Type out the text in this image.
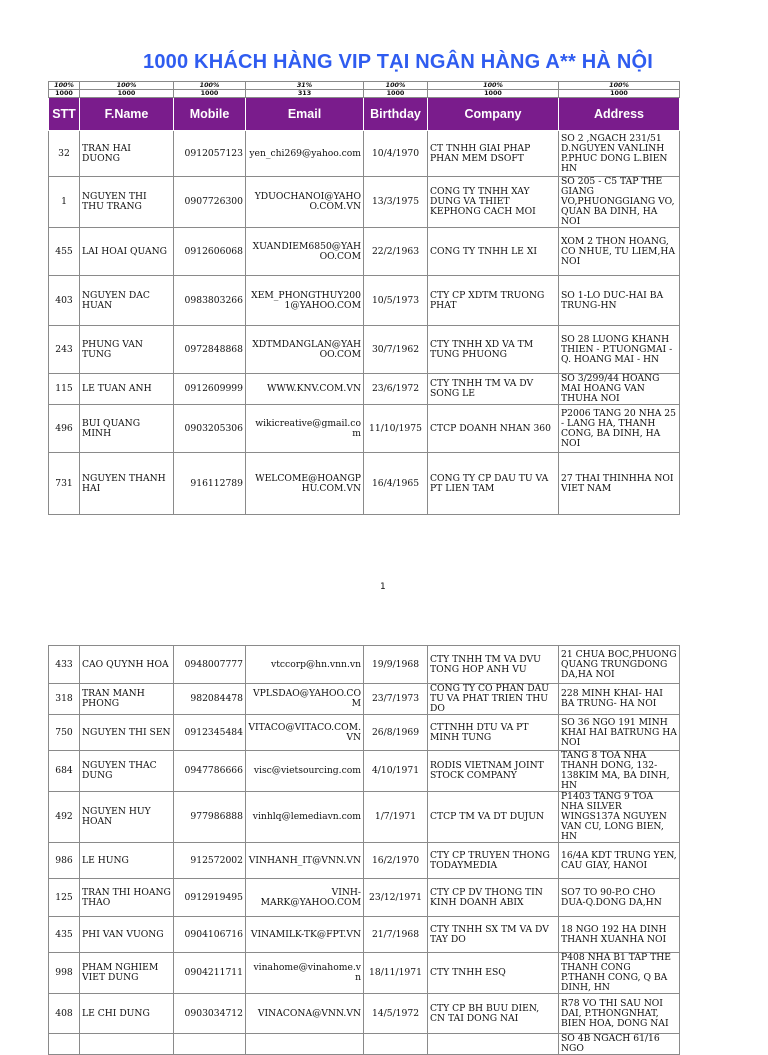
1000 KHÁCH HÀNG VIP TẠI NGÂN HÀNG A** HÀ NỘI
100%	100%	100%	31%	100%	100%	100%
1000	1000	1000	313	1000	1000	1000
STT	F.Name	Mobile	Email	Birthday	Company	Address
32	TRAN HAI DUONG	0912057123	yen_chi269@yahoo.com	10/4/1970	CT TNHH GIAI PHAP PHAN MEM DSOFT	SO 2 ,NGACH 231/51 D.NGUYEN VANLINH P.PHUC DONG L.BIEN HN
1	NGUYEN THI THU TRANG	0907726300	YDUOCHANOI@YAHOO.COM.VN	13/3/1975	CONG TY TNHH XAY DUNG VA THIET KEPHONG CACH MOI	SO 205 - C5 TAP THE GIANG VO,PHUONGGIANG VO, QUAN BA DINH, HA NOI
455	LAI HOAI QUANG	0912606068	XUANDIEM6850@YAHOO.COM	22/2/1963	CONG TY TNHH LE XI	XOM 2 THON HOANG, CO NHUE, TU LIEM,HA NOI
403	NGUYEN DAC HUAN	0983803266	XEM_PHONGTHUY2001@YAHOO.COM	10/5/1973	CTY CP XDTM TRUONG PHAT	SO 1-LO DUC-HAI BA TRUNG-HN
243	PHUNG VAN TUNG	0972848868	XDTMDANGLAN@YAHOO.COM	30/7/1962	CTY TNHH XD VA TM TUNG PHUONG	SO 28 LUONG KHANH THIEN - P.TUONGMAI - Q. HOANG MAI - HN
115	LE TUAN ANH	0912609999	WWW.KNV.COM.VN	23/6/1972	CTY TNHH TM VA DV SONG LE	SO 3/299/44 HOANG MAI HOANG VAN THUHA NOI
496	BUI QUANG MINH	0903205306	wikicreative@gmail.com	11/10/1975	CTCP DOANH NHAN 360	P2006 TANG 20 NHA 25 - LANG HA, THANH CONG, BA DINH, HA NOI
731	NGUYEN THANH HAI	916112789	WELCOME@HOANGPHU.COM.VN	16/4/1965	CONG TY CP DAU TU VA PT LIEN TAM	27 THAI THINHHA NOI VIET NAM
1
433	CAO QUYNH HOA	0948007777	vtccorp@hn.vnn.vn	19/9/1968	CTY TNHH TM VA DVU TONG HOP ANH VU	21 CHUA BOC,PHUONG QUANG TRUNGDONG DA,HA NOI
318	TRAN MANH PHONG	982084478	VPLSDAO@YAHOO.COM	23/7/1973	CONG TY CO PHAN DAU TU VA PHAT TRIEN THU DO	228 MINH KHAI- HAI BA TRUNG- HA NOI
750	NGUYEN THI SEN	0912345484	VITACO@VITACO.COM.VN	26/8/1969	CTTNHH DTU VA PT MINH TUNG	SO 36 NGO 191 MINH KHAI HAI BATRUNG HA NOI
684	NGUYEN THAC DUNG	0947786666	visc@vietsourcing.com	4/10/1971	RODIS VIETNAM JOINT STOCK COMPANY	TANG 8 TOA NHA THANH DONG, 132-138KIM MA, BA DINH, HN
492	NGUYEN HUY HOAN	977986888	vinhlq@lemediavn.com	1/7/1971	CTCP TM VA DT DUJUN	P1403 TANG 9 TOA NHA SILVER WINGS137A NGUYEN VAN CU, LONG BIEN, HN
986	LE HUNG	912572002	VINHANH_IT@VNN.VN	16/2/1970	CTY CP TRUYEN THONG TODAYMEDIA	16/4A KDT TRUNG YEN, CAU GIAY, HANOI
125	TRAN THI HOANG THAO	0912919495	VINH-MARK@YAHOO.COM	23/12/1971	CTY CP DV THONG TIN KINH DOANH ABIX	SO7 TO 90-P.O CHO DUA-Q.DONG DA,HN
435	PHI VAN VUONG	0904106716	VINAMILK-TK@FPT.VN	21/7/1968	CTY TNHH SX TM VA DV TAY DO	18 NGO 192 HA DINH THANH XUANHA NOI
998	PHAM NGHIEM VIET DUNG	0904211711	vinahome@vinahome.vn	18/11/1971	CTY TNHH ESQ	P408 NHA B1 TAP THE THANH CONG P.THANH CONG, Q BA DINH, HN
408	LE CHI DUNG	0903034712	VINACONA@VNN.VN	14/5/1972	CTY CP BH BUU DIEN, CN TAI DONG NAI	R78 VO THI SAU NOI DAI, P.THONGNHAT, BIEN HOA, DONG NAI
						SO 4B NGACH 61/16 NGO
